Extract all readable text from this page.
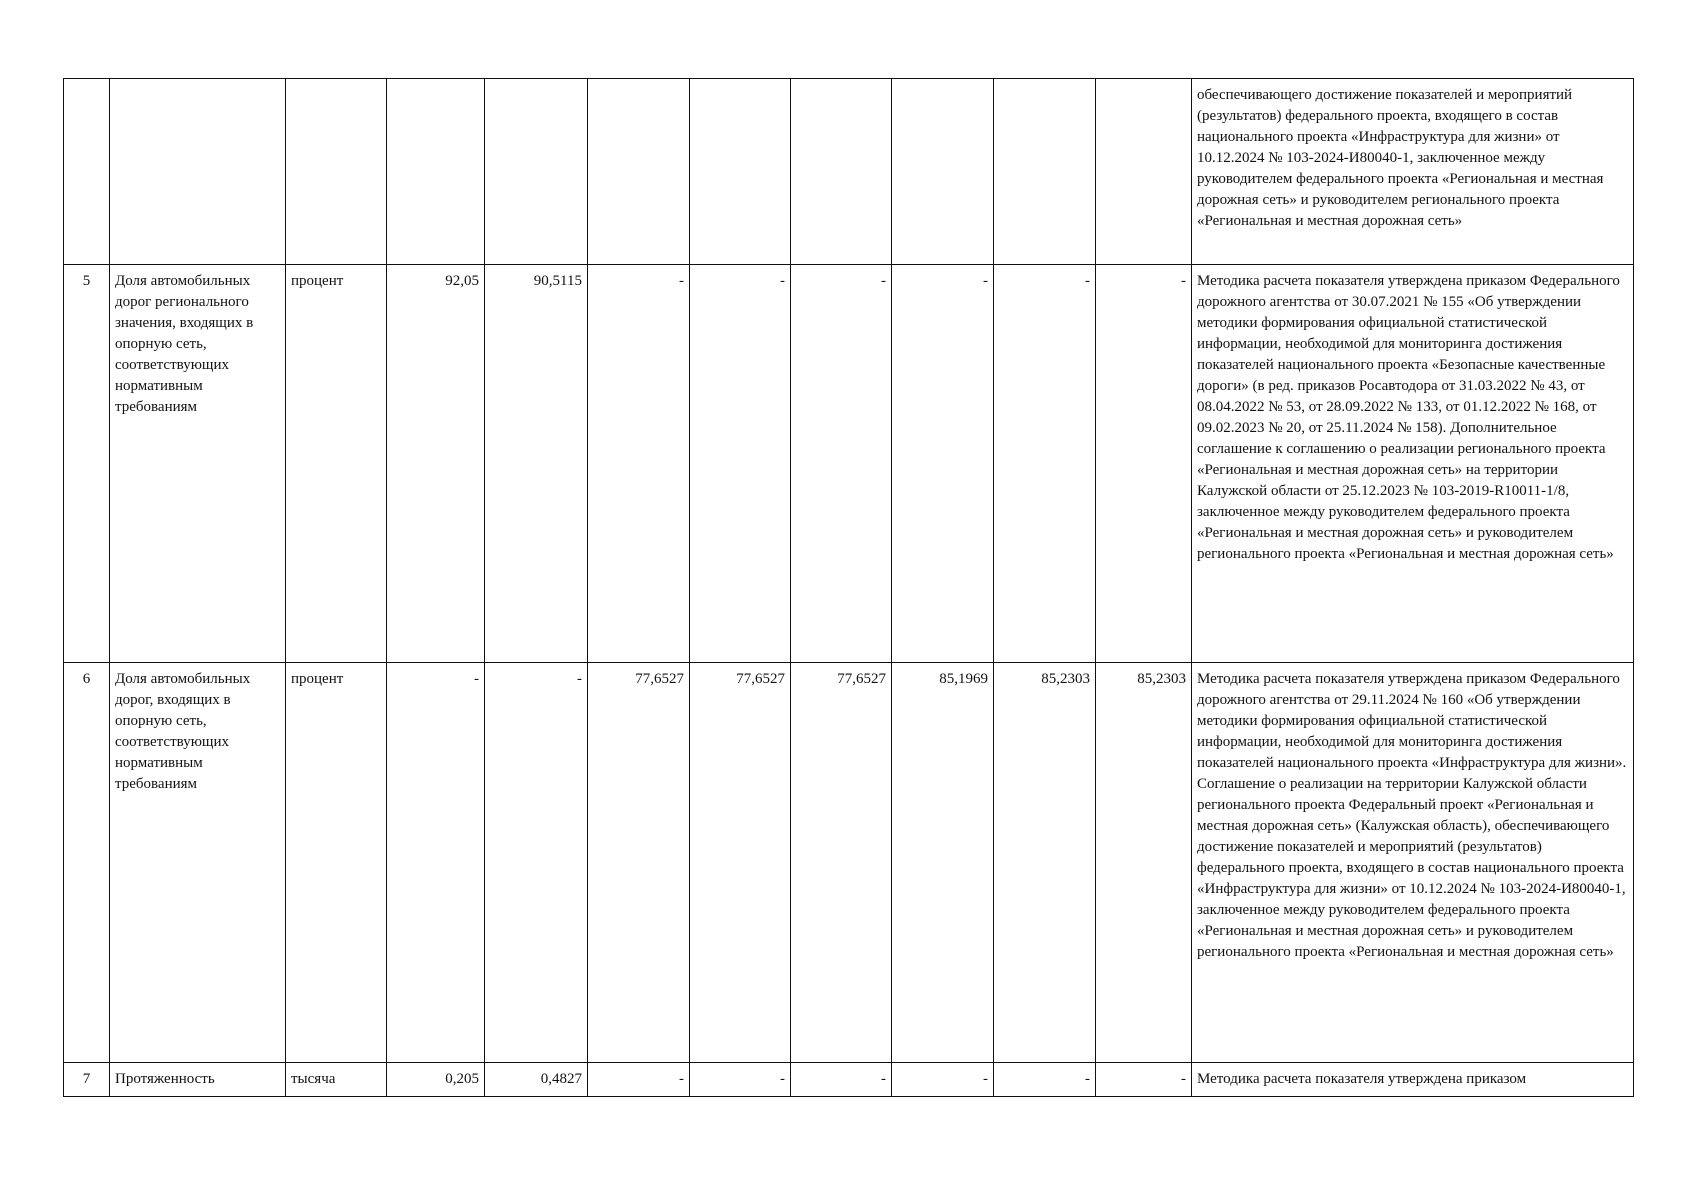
											обеспечивающего достижение показателей и мероприятий (результатов) федерального проекта, входящего в состав национального проекта «Инфраструктура для жизни» от 10.12.2024 № 103-2024-И80040-1, заключенное между руководителем федерального проекта «Региональная и местная дорожная сеть» и руководителем регионального проекта «Региональная и местная дорожная сеть»
5	Доля автомобильных дорог регионального значения, входящих в опорную сеть, соответствующих нормативным требованиям	процент	92,05	90,5115	-	-	-	-	-	-	Методика расчета показателя утверждена приказом Федерального дорожного агентства от 30.07.2021 № 155 «Об утверждении методики формирования официальной статистической информации, необходимой для мониторинга достижения показателей национального проекта «Безопасные качественные дороги» (в ред. приказов Росавтодора от 31.03.2022 № 43, от 08.04.2022 № 53, от 28.09.2022 № 133, от 01.12.2022 № 168, от 09.02.2023 № 20, от 25.11.2024 № 158). Дополнительное соглашение к соглашению о реализации регионального проекта «Региональная и местная дорожная сеть» на территории Калужской области от 25.12.2023 № 103-2019-R10011-1/8, заключенное между руководителем федерального проекта «Региональная и местная дорожная сеть» и руководителем регионального проекта «Региональная и местная дорожная сеть»
6	Доля автомобильных дорог, входящих в опорную сеть, соответствующих нормативным требованиям	процент	-	-	77,6527	77,6527	77,6527	85,1969	85,2303	85,2303	Методика расчета показателя утверждена приказом Федерального дорожного агентства от 29.11.2024 № 160 «Об утверждении методики формирования официальной статистической информации, необходимой для мониторинга достижения показателей национального проекта «Инфраструктура для жизни». Соглашение о реализации на территории Калужской области регионального проекта Федеральный проект «Региональная и местная дорожная сеть» (Калужская область), обеспечивающего достижение показателей и мероприятий (результатов) федерального проекта, входящего в состав национального проекта «Инфраструктура для жизни» от 10.12.2024 № 103-2024-И80040-1, заключенное между руководителем федерального проекта «Региональная и местная дорожная сеть» и руководителем регионального проекта «Региональная и местная дорожная сеть»
7	Протяженность	тысяча	0,205	0,4827	-	-	-	-	-	-	Методика расчета показателя утверждена приказом
